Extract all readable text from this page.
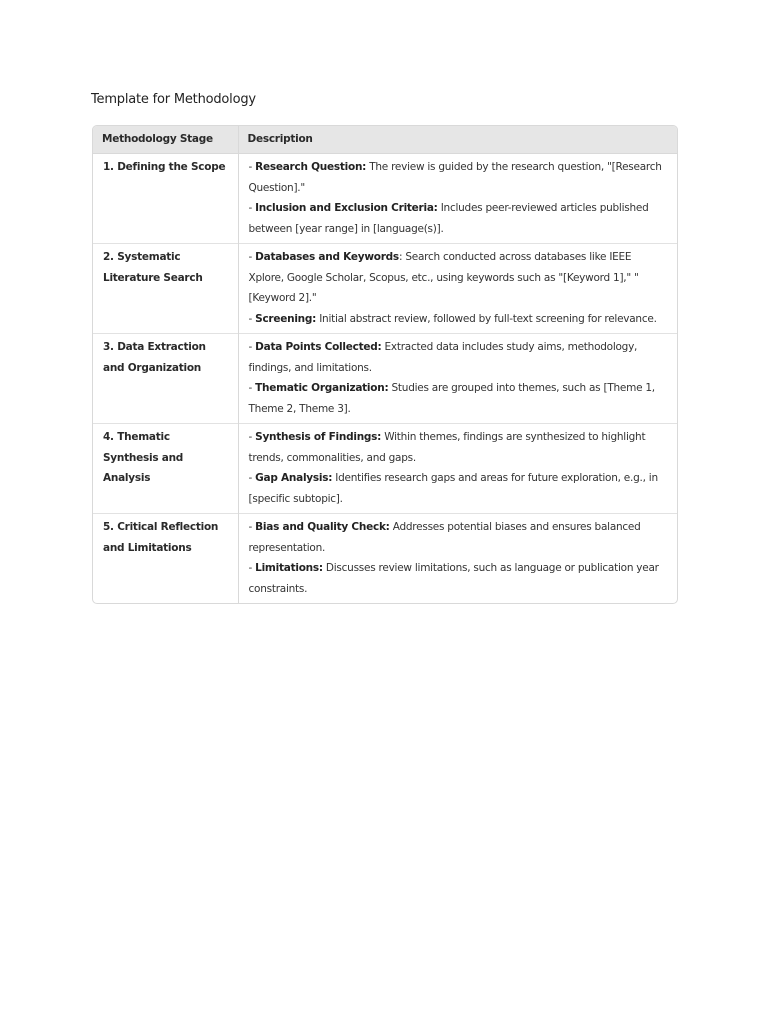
Template for Methodology
Methodology Stage	Description
1. Defining the Scope	- Research Question: The review is guided by the research question, "[Research Question]."
- Inclusion and Exclusion Criteria: Includes peer-reviewed articles published between [year range] in [language(s)].

2. Systematic Literature Search	- Databases and Keywords: Search conducted across databases like IEEE Xplore, Google Scholar, Scopus, etc., using keywords such as "[Keyword 1]," "[Keyword 2]."
- Screening: Initial abstract review, followed by full-text screening for relevance.

3. Data Extraction and Organization	- Data Points Collected: Extracted data includes study aims, methodology, findings, and limitations.
- Thematic Organization: Studies are grouped into themes, such as [Theme 1, Theme 2, Theme 3].

4. Thematic Synthesis and Analysis	- Synthesis of Findings: Within themes, findings are synthesized to highlight trends, commonalities, and gaps.
- Gap Analysis: Identifies research gaps and areas for future exploration, e.g., in [specific subtopic].

5. Critical Reflection and Limitations	- Bias and Quality Check: Addresses potential biases and ensures balanced representation.
- Limitations: Discusses review limitations, such as language or publication year constraints.
